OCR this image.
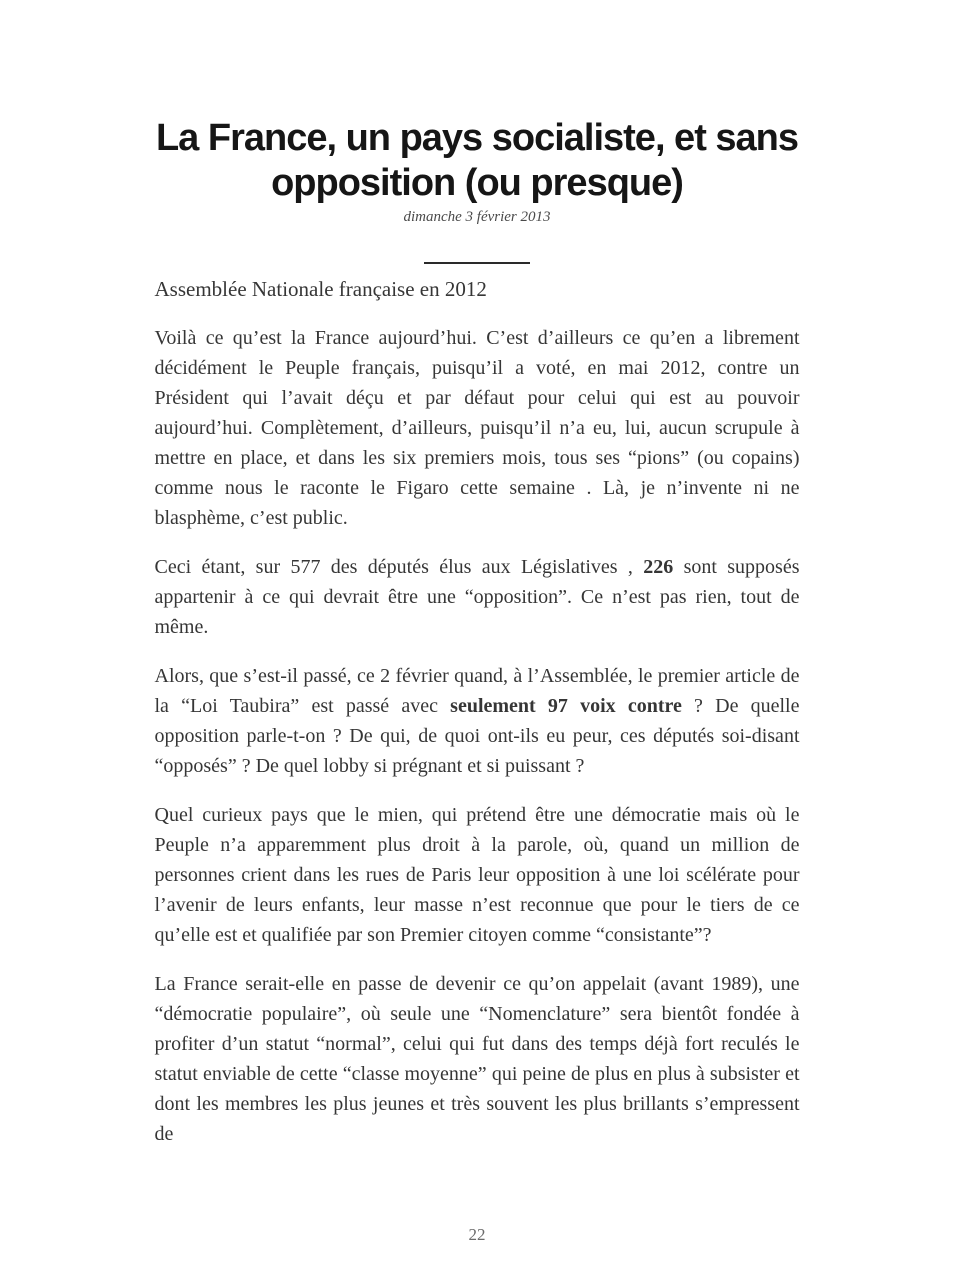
La France, un pays socialiste, et sans opposition (ou presque)
dimanche 3 février 2013
Assemblée Nationale française en 2012

Voilà ce qu’est la France aujourd’hui. C’est d’ailleurs ce qu’en a librement décidément le Peuple français, puisqu’il a voté, en mai 2012, contre un Président qui l’avait déçu et par défaut pour celui qui est au pouvoir aujourd’hui. Complètement, d’ailleurs, puisqu’il n’a eu, lui, aucun scrupule à mettre en place, et dans les six premiers mois, tous ses “pions” (ou copains) comme nous le raconte le Figaro cette semaine . Là, je n’invente ni ne blasphème, c’est public.

Ceci étant, sur 577 des députés élus aux Législatives , 226 sont supposés appartenir à ce qui devrait être une “opposition”. Ce n’est pas rien, tout de même.

Alors, que s’est-il passé, ce 2 février quand, à l’Assemblée, le premier article de la “Loi Taubira” est passé avec seulement 97 voix contre ? De quelle opposition parle-t-on ? De qui, de quoi ont-ils eu peur, ces députés soi-disant “opposés” ? De quel lobby si prégnant et si puissant ?

Quel curieux pays que le mien, qui prétend être une démocratie mais où le Peuple n’a apparemment plus droit à la parole, où, quand un million de personnes crient dans les rues de Paris leur opposition à une loi scélérate pour l’avenir de leurs enfants, leur masse n’est reconnue que pour le tiers de ce qu’elle est et qualifiée par son Premier citoyen comme “consistante”?

La France serait-elle en passe de devenir ce qu’on appelait (avant 1989), une “démocratie populaire”, où seule une “Nomenclature” sera bientôt fondée à profiter d’un statut “normal”, celui qui fut dans des temps déjà fort reculés le statut enviable de cette “classe moyenne” qui peine de plus en plus à subsister et dont les membres les plus jeunes et très souvent les plus brillants s’empressent de

22
